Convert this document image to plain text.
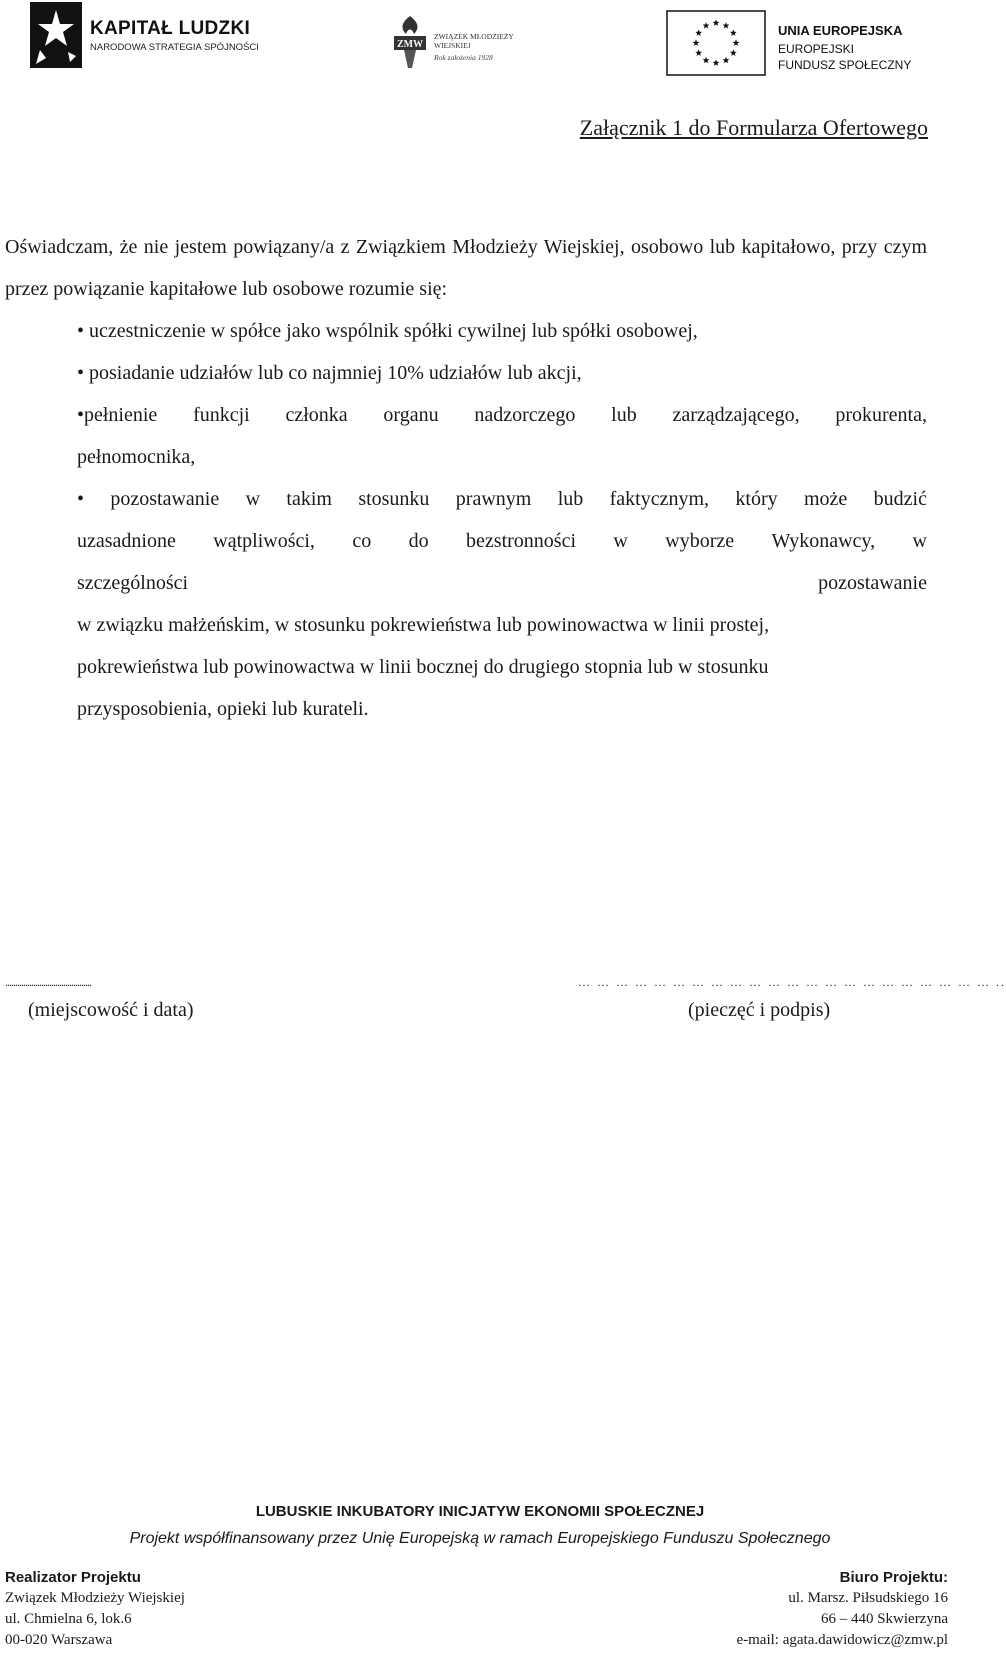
KAPITAŁ LUDZKI
NARODOWA STRATEGIA SPÓJNOŚCI	ZMW
ZWIĄZEK MŁODZIEŻY
WIEJSKIEJ
Rok założenia 1928
UNIA EUROPEJSKA
EUROPEJSKI
FUNDUSZ SPOŁECZNY
Załącznik 1 do Formularza Ofertowego

Oświadczam, że nie jestem powiązany/a z Związkiem Młodzieży Wiejskiej, osobowo lub kapitałowo, przy czym przez powiązanie kapitałowe lub osobowe rozumie się:

• uczestniczenie w spółce jako wspólnik spółki cywilnej lub spółki osobowej,
• posiadanie udziałów lub co najmniej 10% udziałów lub akcji,
•pełnienie funkcji członka organu nadzorczego lub zarządzającego, prokurenta,
pełnomocnika,
• pozostawanie w takim stosunku prawnym lub faktycznym, który może budzić
uzasadnione wątpliwości, co do bezstronności w wyborze Wykonawcy, w
szczególności	pozostawanie
w związku małżeńskim, w stosunku pokrewieństwa lub powinowactwa w linii prostej,
pokrewieństwa lub powinowactwa w linii bocznej do drugiego stopnia lub w stosunku
przysposobienia, opieki lub kurateli.
...........................................	… … … … … … … … … … … … … … … … … … … … … … ..
(miejscowość i data)	(pieczęć i podpis)
LUBUSKIE INKUBATORY INICJATYW EKONOMII SPOŁECZNEJ
Projekt współfinansowany przez Unię Europejską w ramach Europejskiego Funduszu Społecznego
Realizator Projektu
Związek Młodzieży Wiejskiej
ul. Chmielna 6, lok.6
00-020 Warszawa
Biuro Projektu:
ul. Marsz. Piłsudskiego 16
66 – 440 Skwierzyna
e-mail: agata.dawidowicz@zmw.pl
